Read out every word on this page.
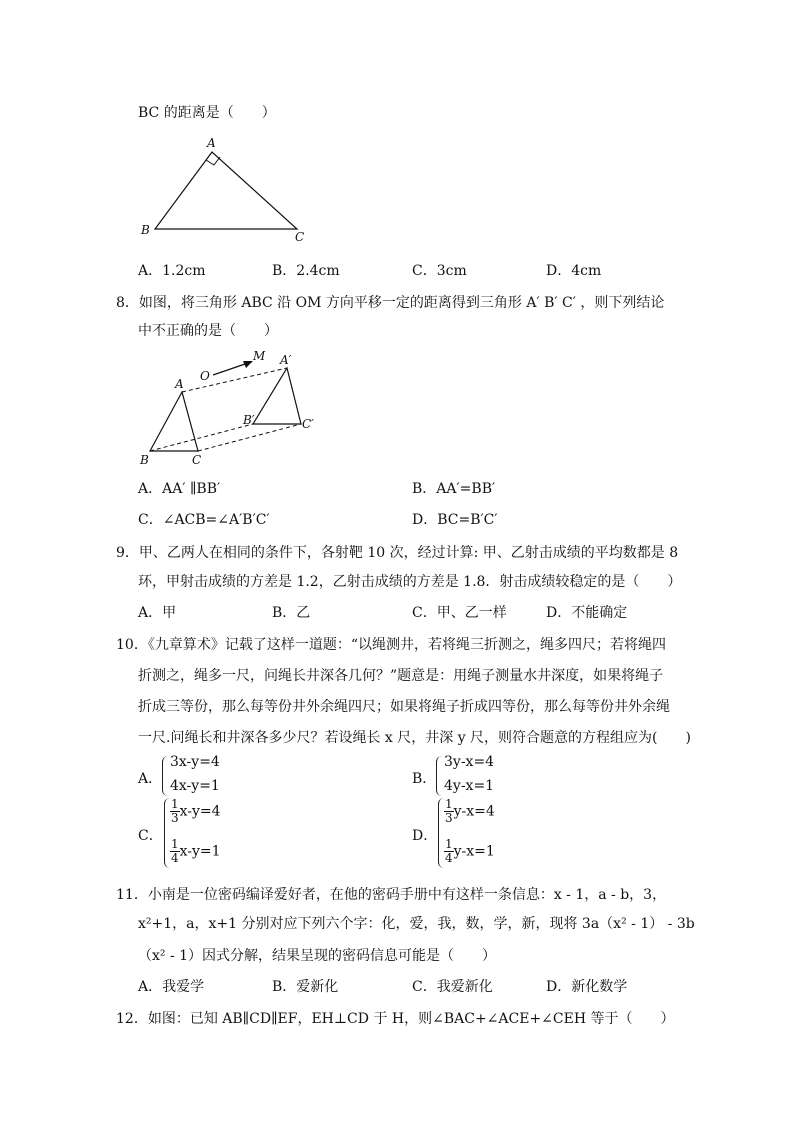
BC 的距离是（　　）
A
B	C
A．1.2cm	B．2.4cm	C．3cm	D．4cm
8．如图，将三角形 ABC 沿 OM 方向平移一定的距离得到三角形 A′ B′ C′ ，则下列结论
中不正确的是（　　）
O
M
A
B	C
A′
B′	C′
A．AA′ ∥BB′	B．AA′=BB′
C．∠ACB=∠A′B′C′	D．BC=B′C′
9．甲、乙两人在相同的条件下，各射靶 10 次，经过计算: 甲、乙射击成绩的平均数都是 8
环，甲射击成绩的方差是 1.2，乙射击成绩的方差是 1.8．射击成绩较稳定的是（　　）
A．甲	B．乙	C．甲、乙一样	D．不能确定
10．《九章算术》记载了这样一道题：“以绳测井，若将绳三折测之，绳多四尺；若将绳四
折测之，绳多一尺，问绳长井深各几何？”题意是：用绳子测量水井深度，如果将绳子
折成三等份，那么每等份井外余绳四尺；如果将绳子折成四等份，那么每等份井外余绳
一尺.问绳长和井深各多少尺？若设绳长 x 尺，井深 y 尺，则符合题意的方程组应为(　　)
A．
3x-y=4
4x-y=1	B．
3y-x=4
4y-x=1
C．
$\frac{1}{3} x-y=4$
$\frac{1}{4} x-y=1$
D．
$\frac{1}{3} y-x=4$
$\frac{1}{4} y-x=1$
11．小南是一位密码编译爱好者，在他的密码手册中有这样一条信息：x - 1，a - b，3，
x²+1，a，x+1 分别对应下列六个字：化，爱，我，数，学，新，现将 3a（x² - 1） - 3b
（x² - 1）因式分解，结果呈现的密码信息可能是（　　）
A．我爱学	B．爱新化	C．我爱新化	D．新化数学
12．如图：已知 AB∥CD∥EF，EH⊥CD 于 H，则∠BAC+∠ACE+∠CEH 等于（　　）
